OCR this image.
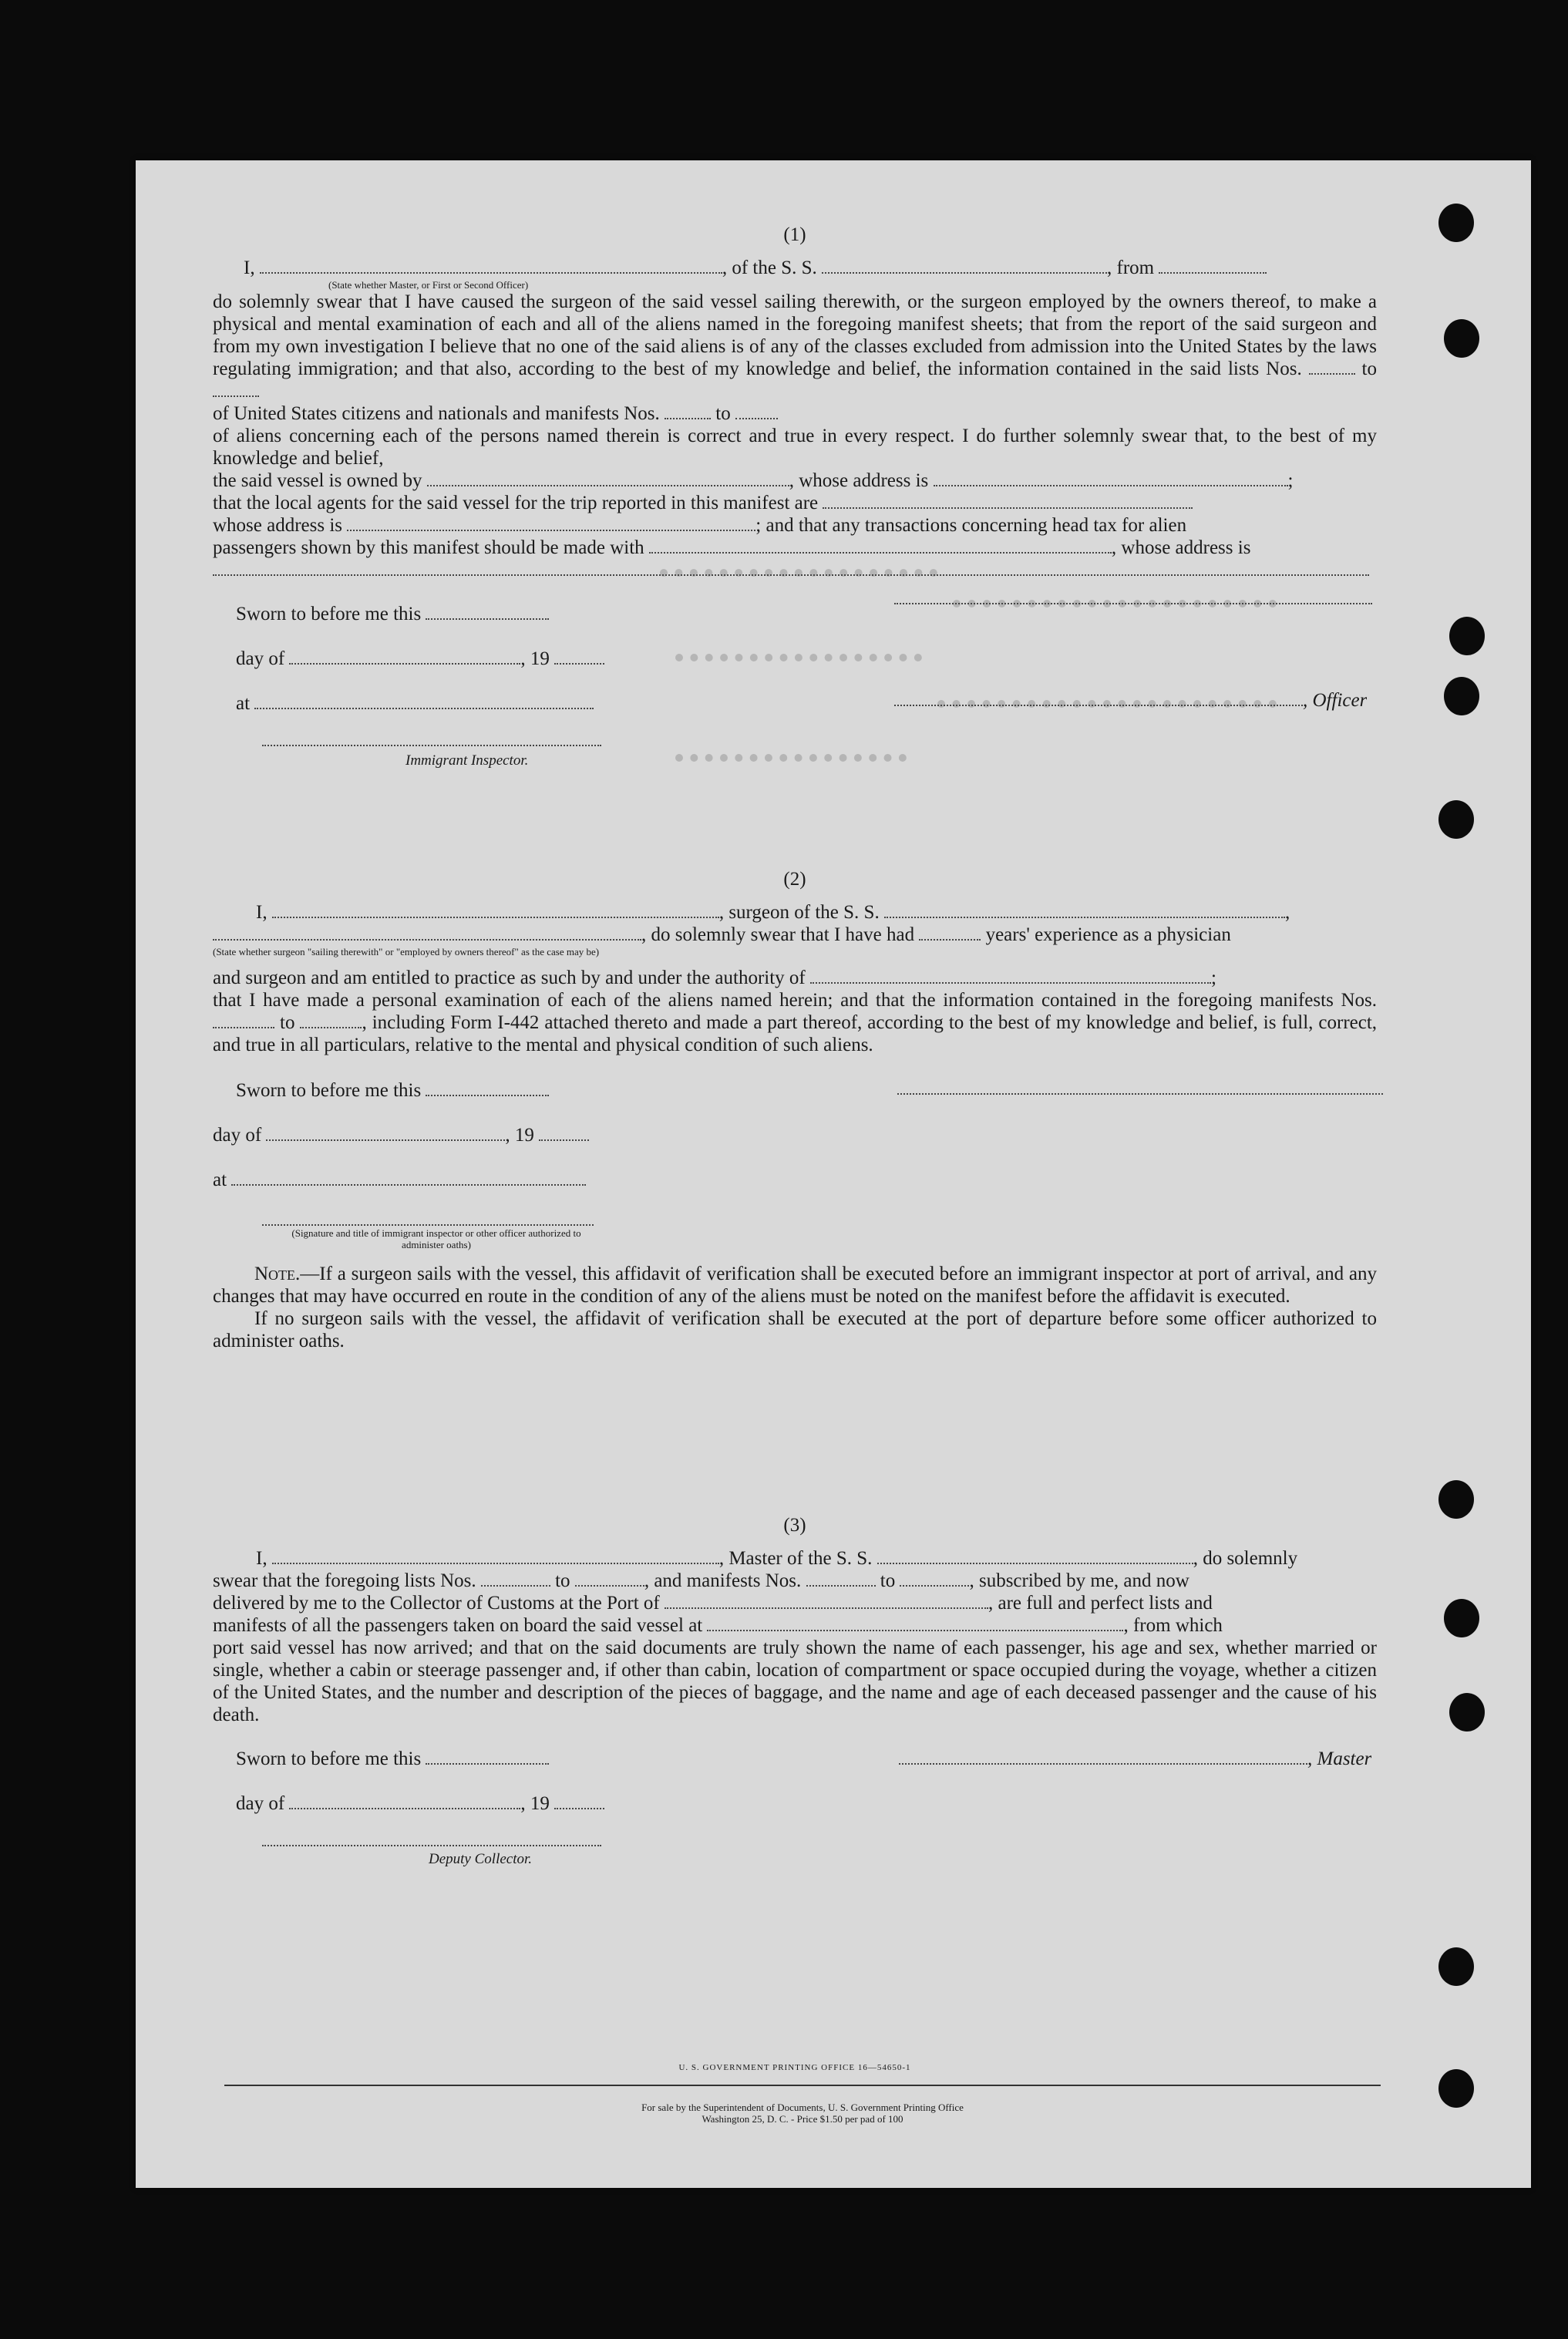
(1)
I,	, of the S. S.	, from
(State whether Master, or First or Second Officer)
do solemnly swear that I have caused the surgeon of the said vessel sailing therewith, or the surgeon employed by the owners thereof, to make a physical and mental examination of each and all of the aliens named in the foregoing manifest sheets; that from the report of the said surgeon and from my own investigation I believe that no one of the said aliens is of any of the classes excluded from admission into the United States by the laws regulating immigration; and that also, according to the best of my knowledge and belief, the information contained in the said lists Nos.	to
of United States citizens and nationals and manifests Nos.	to
of aliens concerning each of the persons named therein is correct and true in every respect. I do further solemnly swear that, to the best of my knowledge and belief,
the said vessel is owned by	, whose address is	;
that the local agents for the said vessel for the trip reported in this manifest are
whose address is	; and that any transactions concerning head tax for alien
passengers shown by this manifest should be made with	, whose address is
Sworn to before me this
day of	, 19
at
Immigrant Inspector.
, Officer
(2)
I,	, surgeon of the S. S.	,
, do solemnly swear that I have had	years' experience as a physician
(State whether surgeon "sailing therewith" or "employed by owners thereof" as the case may be)
and surgeon and am entitled to practice as such by and under the authority of	;
that I have made a personal examination of each of the aliens named herein; and that the information contained in the foregoing manifests Nos.  to	, including Form I-442 attached thereto and made a part thereof, according to the best of my knowledge and belief, is full, correct, and true in all particulars, relative to the mental and physical condition of such aliens.
Sworn to before me this
day of	, 19
at
(Signature and title of immigrant inspector or other officer authorized to administer oaths)
Note.—If a surgeon sails with the vessel, this affidavit of verification shall be executed before an immigrant inspector at port of arrival, and any changes that may have occurred en route in the condition of any of the aliens must be noted on the manifest before the affidavit is executed.
If no surgeon sails with the vessel, the affidavit of verification shall be executed at the port of departure before some officer authorized to administer oaths.
(3)
I,	, Master of the S. S.	, do solemnly
swear that the foregoing lists Nos.	to	, and manifests Nos.	to	, subscribed by me, and now
delivered by me to the Collector of Customs at the Port of	, are full and perfect lists and
manifests of all the passengers taken on board the said vessel at	, from which
port said vessel has now arrived; and that on the said documents are truly shown the name of each passenger, his age and sex, whether married or single, whether a cabin or steerage passenger and, if other than cabin, location of compartment or space occupied during the voyage, whether a citizen of the United States, and the number and description of the pieces of baggage, and the name and age of each deceased passenger and the cause of his death.
Sworn to before me this	, Master
day of	, 19
Deputy Collector.
U. S. GOVERNMENT PRINTING OFFICE 16—54650-1
For sale by the Superintendent of Documents, U. S. Government Printing Office
Washington 25, D. C. - Price $1.50 per pad of 100
